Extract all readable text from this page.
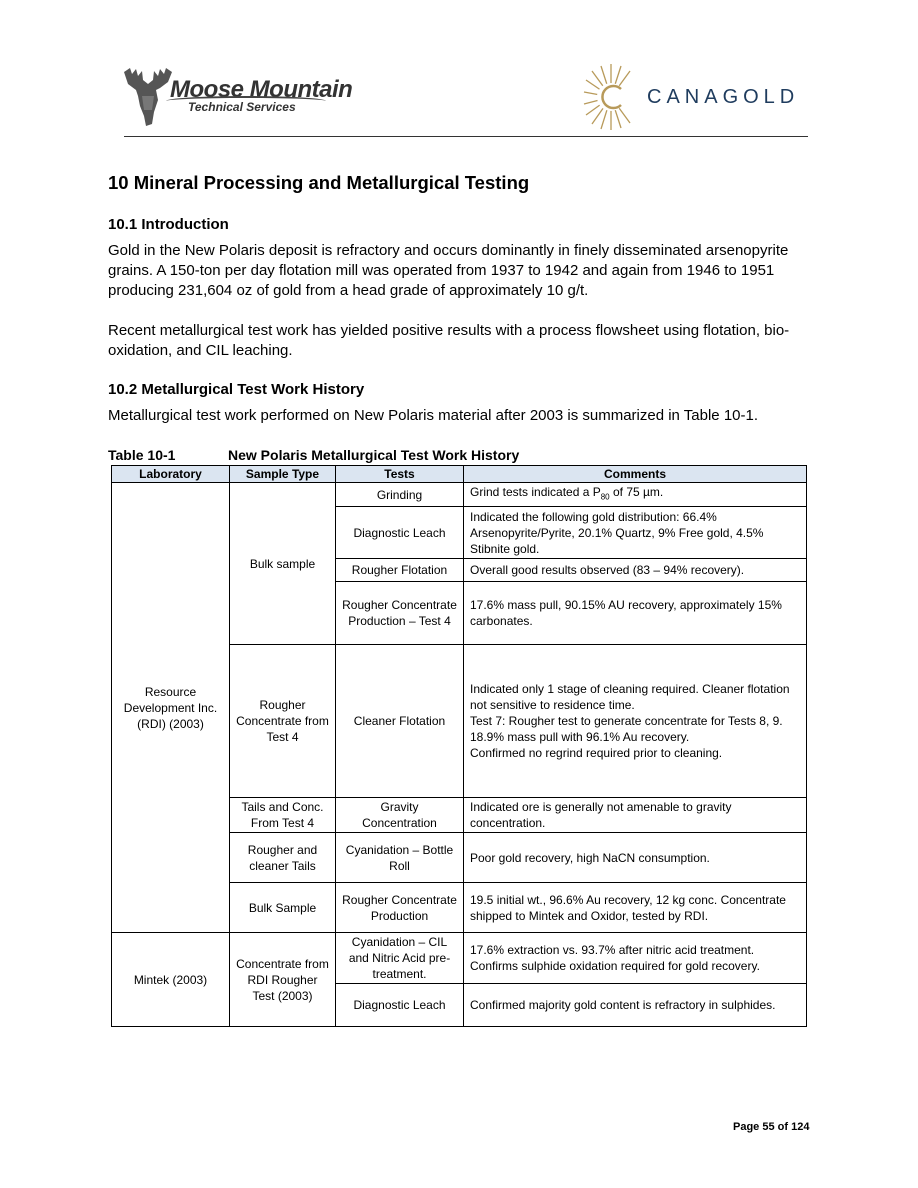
Moose Mountain
Technical Services	CANAGOLD
10 Mineral Processing and Metallurgical Testing
10.1 Introduction

Gold in the New Polaris deposit is refractory and occurs dominantly in finely disseminated arsenopyrite grains. A 150-ton per day flotation mill was operated from 1937 to 1942 and again from 1946 to 1951 producing 231,604 oz of gold from a head grade of approximately 10 g/t.

Recent metallurgical test work has yielded positive results with a process flowsheet using flotation, bio-oxidation, and CIL leaching.

10.2 Metallurgical Test Work History

Metallurgical test work performed on New Polaris material after 2003 is summarized in Table 10-1.

Table 10-1	New Polaris Metallurgical Test Work History
Laboratory	Sample Type	Tests	Comments
Resource Development Inc. (RDI) (2003)	Bulk sample	Grinding	Grind tests indicated a $P_{80}$ of 75 µm.
		Diagnostic Leach	Indicated the following gold distribution: 66.4% Arsenopyrite/Pyrite, 20.1% Quartz, 9% Free gold, 4.5% Stibnite gold.
		Rougher Flotation	Overall good results observed (83 – 94% recovery).
		Rougher Concentrate Production – Test 4	17.6% mass pull, 90.15% AU recovery, approximately 15% carbonates.
	Rougher Concentrate from Test 4	Cleaner Flotation	Indicated only 1 stage of cleaning required. Cleaner flotation not sensitive to residence time.
Test 7: Rougher test to generate concentrate for Tests 8, 9. 18.9% mass pull with 96.1% Au recovery.
Confirmed no regrind required prior to cleaning.

	Tails and Conc. From Test 4	Gravity Concentration	Indicated ore is generally not amenable to gravity concentration.
	Rougher and cleaner Tails	Cyanidation – Bottle Roll	Poor gold recovery, high NaCN consumption.
	Bulk Sample	Rougher Concentrate Production	19.5 initial wt., 96.6% Au recovery, 12 kg conc. Concentrate shipped to Mintek and Oxidor, tested by RDI.
Mintek (2003)	Concentrate from RDI Rougher Test (2003)	Cyanidation – CIL and Nitric Acid pre-treatment.	17.6% extraction vs. 93.7% after nitric acid treatment. Confirms sulphide oxidation required for gold recovery.
		Diagnostic Leach	Confirmed majority gold content is refractory in sulphides.
Page 55 of 124
